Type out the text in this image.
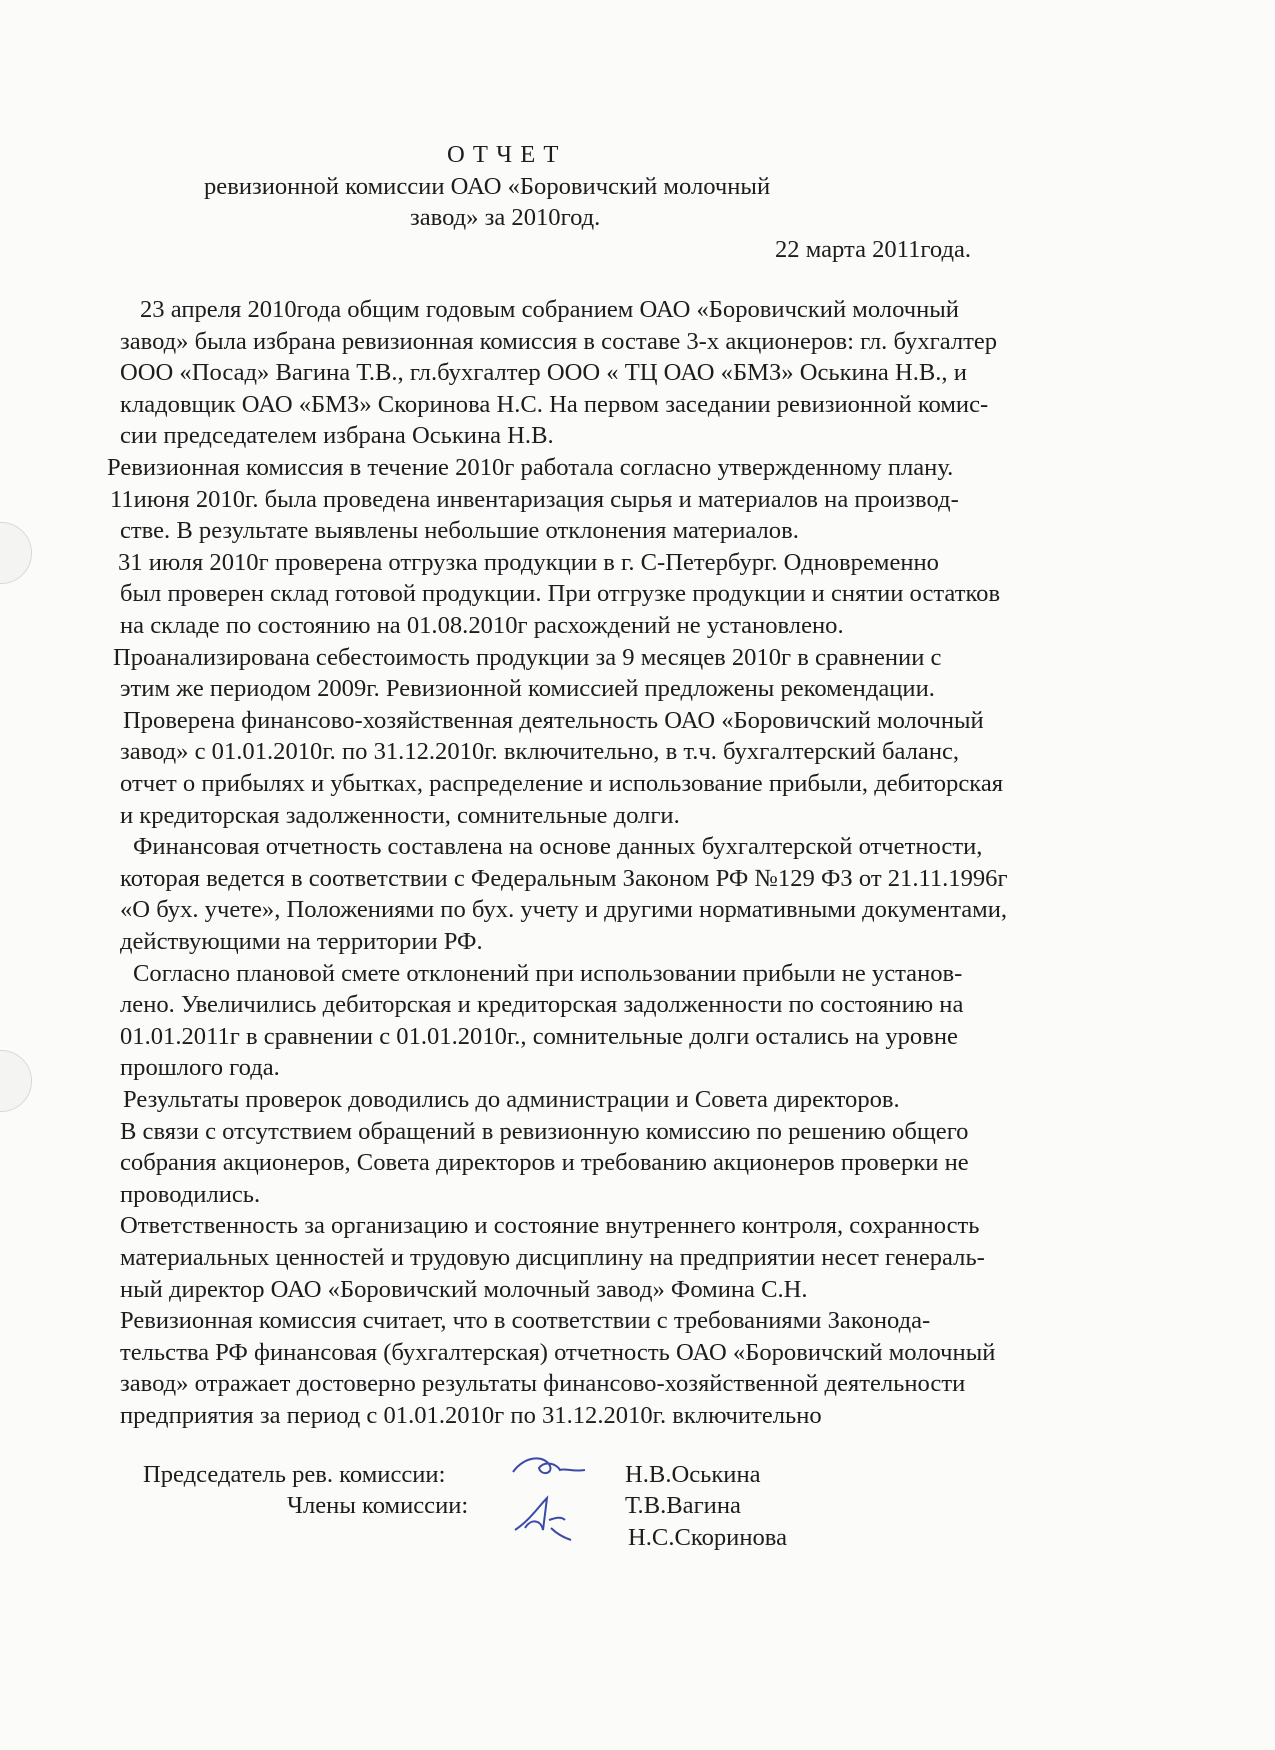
О Т Ч Е Т
ревизионной комиссии ОАО «Боровичский молочный
завод» за 2010год.
22 марта 2011года.
23 апреля 2010года общим годовым собранием ОАО «Боровичский молочный
завод» была избрана ревизионная комиссия в составе 3-х акционеров: гл. бухгалтер
ООО «Посад» Вагина Т.В., гл.бухгалтер ООО « ТЦ ОАО «БМЗ» Оськина Н.В., и
кладовщик ОАО «БМЗ» Скоринова Н.С. На первом заседании ревизионной комис-
сии председателем избрана Оськина Н.В.
Ревизионная комиссия в течение 2010г работала согласно утвержденному плану.
11июня 2010г. была проведена инвентаризация сырья и материалов на производ-
стве. В результате выявлены небольшие отклонения материалов.
31 июля 2010г проверена отгрузка продукции в г. С-Петербург. Одновременно
был проверен склад готовой продукции. При отгрузке продукции и снятии остатков
на складе по состоянию на 01.08.2010г расхождений не установлено.
Проанализирована себестоимость продукции за 9 месяцев 2010г в сравнении с
этим же периодом 2009г. Ревизионной комиссией предложены рекомендации.
Проверена финансово-хозяйственная деятельность ОАО «Боровичский молочный
завод» с 01.01.2010г. по 31.12.2010г. включительно, в т.ч. бухгалтерский баланс,
отчет о прибылях и убытках, распределение и использование прибыли, дебиторская
и кредиторская задолженности, сомнительные долги.
Финансовая отчетность составлена на основе данных бухгалтерской отчетности,
которая ведется в соответствии с Федеральным Законом РФ №129 ФЗ от 21.11.1996г
«О бух. учете», Положениями по бух. учету и другими нормативными документами,
действующими на территории РФ.
Согласно плановой смете отклонений при использовании прибыли не установ-
лено. Увеличились дебиторская и кредиторская задолженности по состоянию на
01.01.2011г в сравнении с 01.01.2010г., сомнительные долги остались на уровне
прошлого года.
Результаты проверок доводились до администрации и Совета директоров.
В связи с отсутствием обращений в ревизионную комиссию по решению общего
собрания акционеров, Совета директоров и требованию акционеров проверки не
проводились.
Ответственность за организацию и состояние внутреннего контроля, сохранность
материальных ценностей и трудовую дисциплину на предприятии несет генераль-
ный директор ОАО «Боровичский молочный завод» Фомина С.Н.
Ревизионная комиссия считает, что в соответствии с требованиями Законода-
тельства РФ финансовая (бухгалтерская) отчетность ОАО «Боровичский молочный
завод» отражает достоверно результаты финансово-хозяйственной деятельности
предприятия за период с 01.01.2010г по 31.12.2010г. включительно
Председатель рев. комиссии:	Н.В.Оськина
Члены комиссии:	Т.В.Вагина
Н.С.Скоринова
